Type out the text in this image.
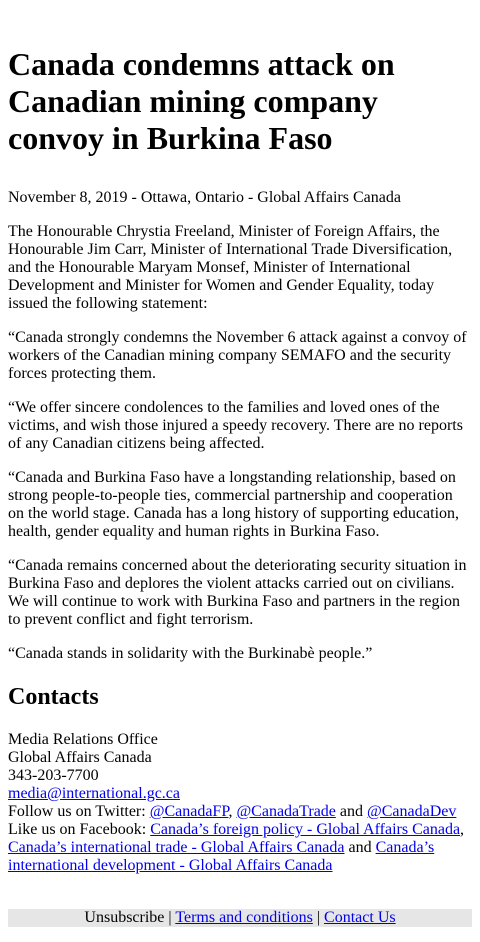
Canada condemns attack on Canadian mining company convoy in Burkina Faso

November 8, 2019 - Ottawa, Ontario - Global Affairs Canada

The Honourable Chrystia Freeland, Minister of Foreign Affairs, the Honourable Jim Carr, Minister of International Trade Diversification, and the Honourable Maryam Monsef, Minister of International Development and Minister for Women and Gender Equality, today issued the following statement:

“Canada strongly condemns the November 6 attack against a convoy of workers of the Canadian mining company SEMAFO and the security forces protecting them.

“We offer sincere condolences to the families and loved ones of the victims, and wish those injured a speedy recovery. There are no reports of any Canadian citizens being affected.

“Canada and Burkina Faso have a longstanding relationship, based on strong people-to-people ties, commercial partnership and cooperation on the world stage. Canada has a long history of supporting education, health, gender equality and human rights in Burkina Faso.

“Canada remains concerned about the deteriorating security situation in Burkina Faso and deplores the violent attacks carried out on civilians. We will continue to work with Burkina Faso and partners in the region to prevent conflict and fight terrorism.

“Canada stands in solidarity with the Burkinabè people.”

Contacts
Media Relations Office
Global Affairs Canada
343-203-7700
media@international.gc.ca
Follow us on Twitter: @CanadaFP, @CanadaTrade and @CanadaDev
Like us on Facebook: Canada’s foreign policy - Global Affairs Canada, Canada’s international trade - Global Affairs Canada and Canada’s international development - Global Affairs Canada
Unsubscribe | Terms and conditions | Contact Us
